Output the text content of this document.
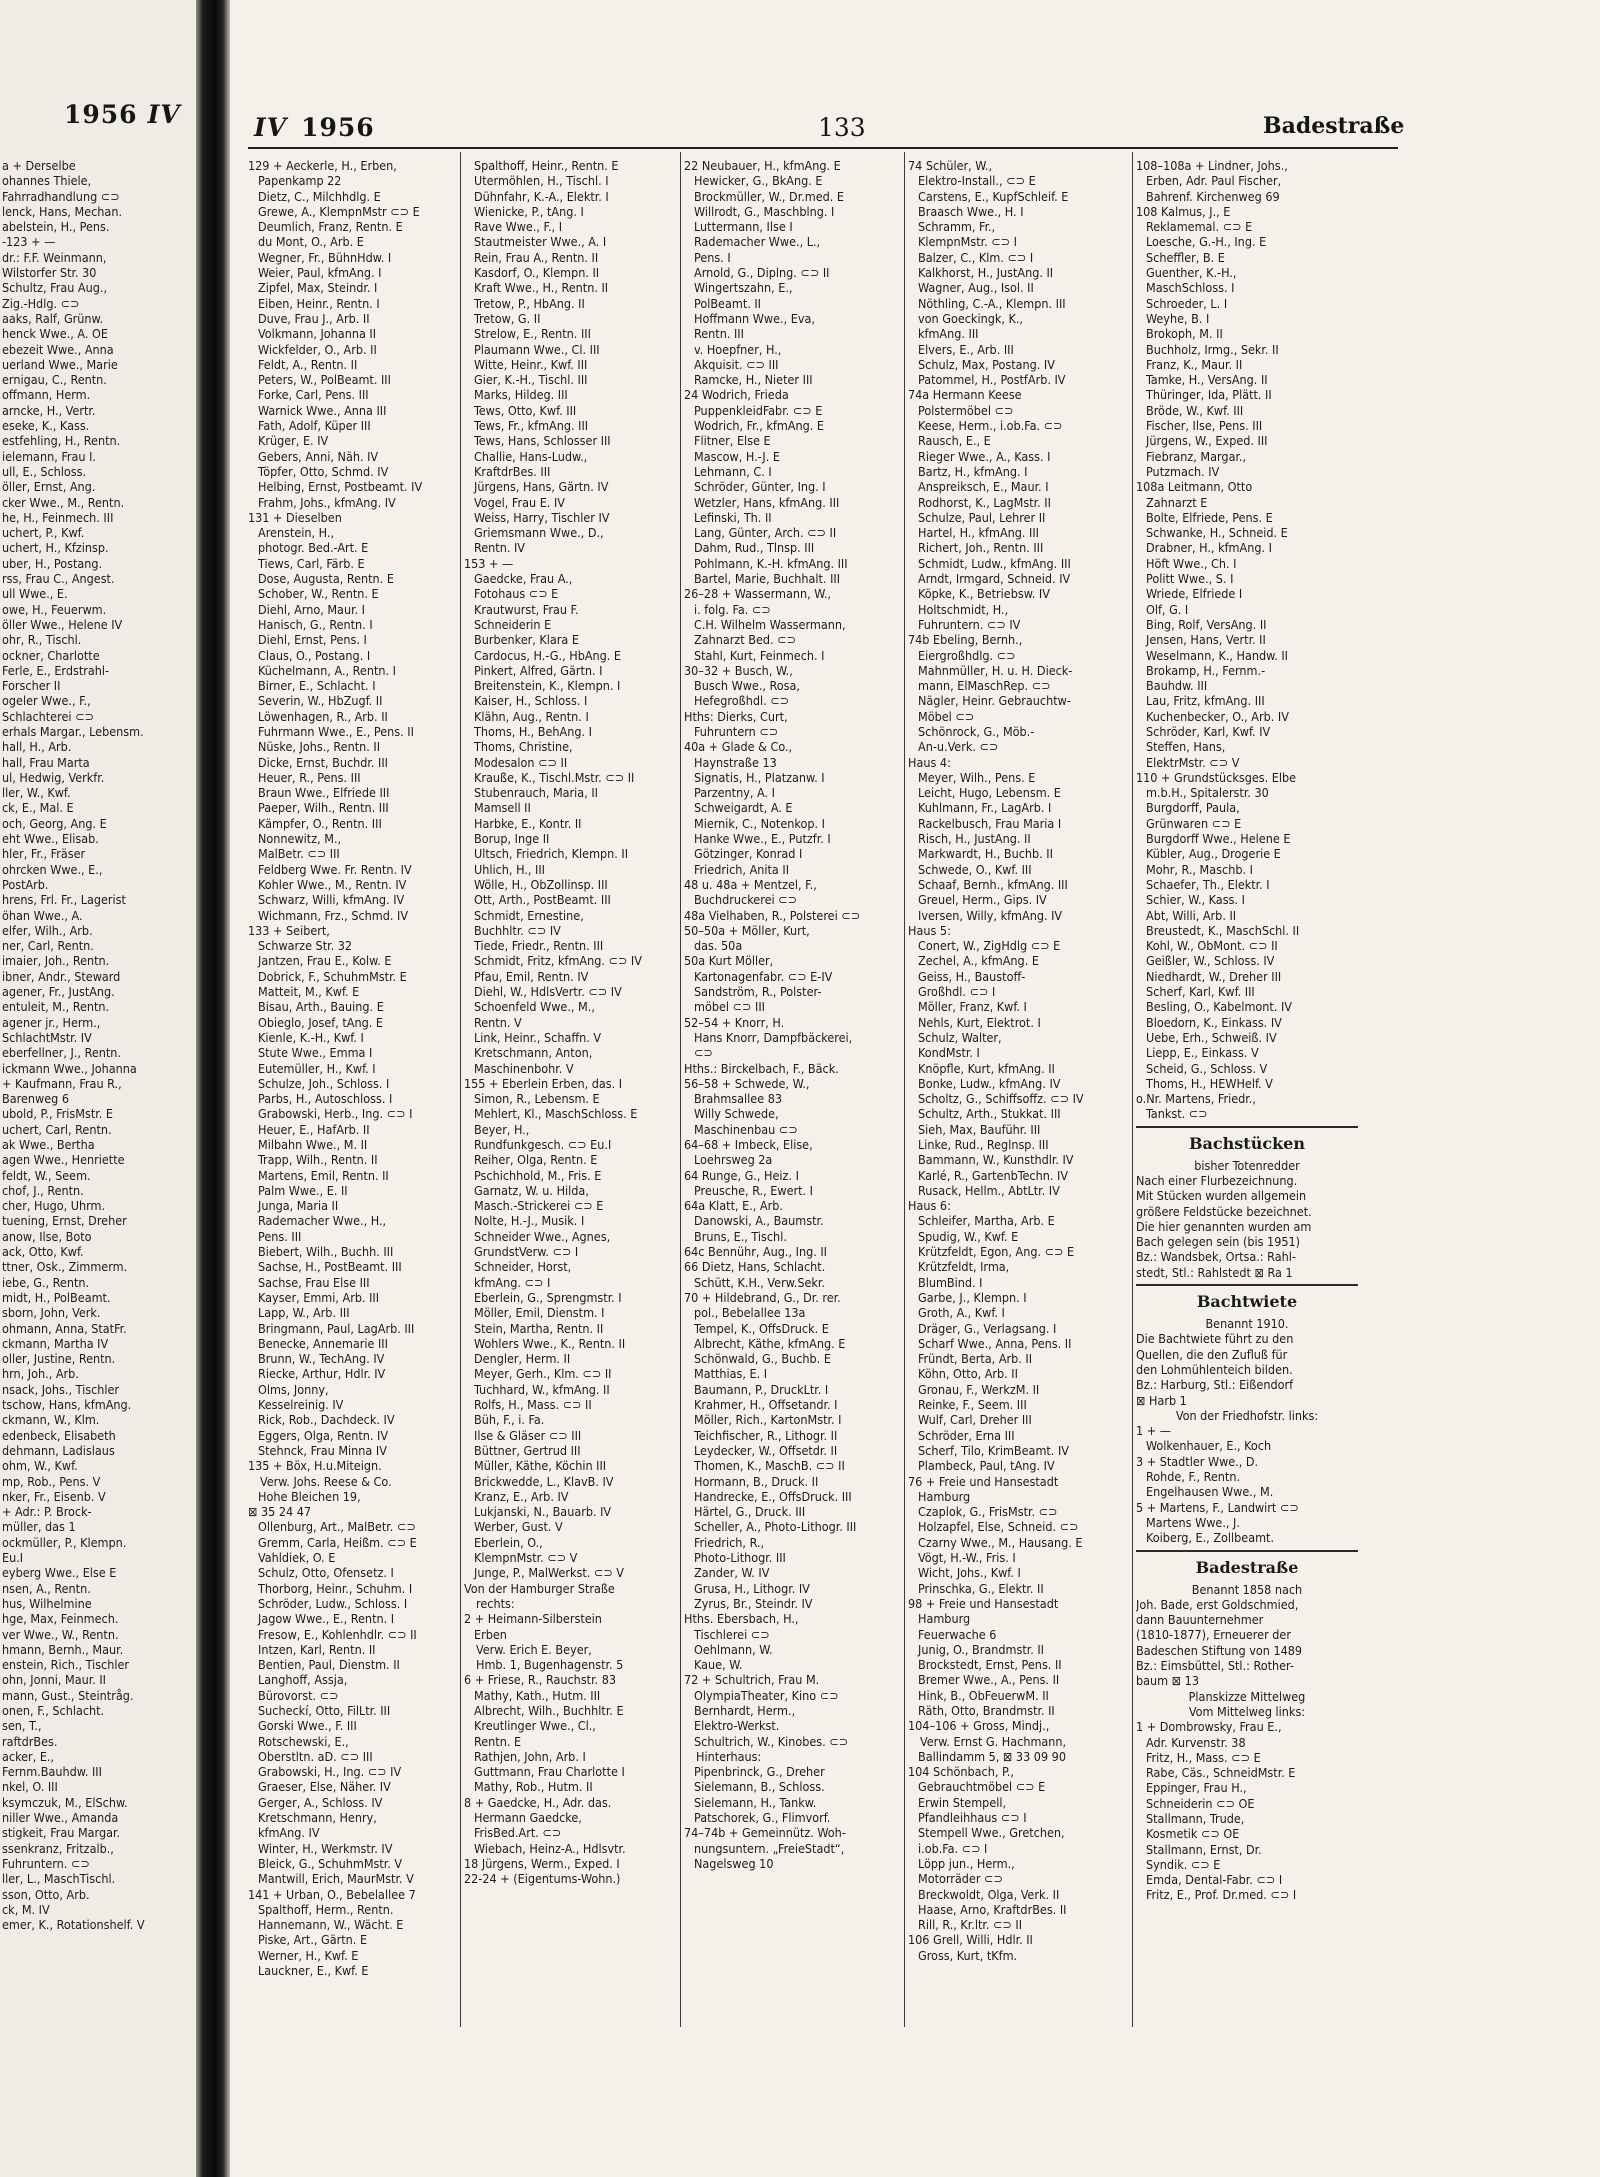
1956 IV

a + Derselbe

ohannes Thiele,

Fahrradhandlung ⊂⊃

lenck, Hans, Mechan.

abelstein, H., Pens.

-123 + —

dr.: F.F. Weinmann,

Wilstorfer Str. 30

Schultz, Frau Aug.,

Zig.-Hdlg. ⊂⊃

aaks, Ralf, Grünw.

henck Wwe., A. OE

ebezeit Wwe., Anna

uerland Wwe., Marie

ernigau, C., Rentn.

offmann, Herm.

arncke, H., Vertr.

eseke, K., Kass.

estfehling, H., Rentn.

ielemann, Frau I.

ull, E., Schloss.

öller, Ernst, Ang.

cker Wwe., M., Rentn.

he, H., Feinmech. III

uchert, P., Kwf.

uchert, H., Kfzinsp.

uber, H., Postang.

rss, Frau C., Angest.

ull Wwe., E.

owe, H., Feuerwm.

öller Wwe., Helene IV

ohr, R., Tischl.

ockner, Charlotte

Ferle, E., Erdstrahl-

Forscher II

ogeler Wwe., F.,

Schlachterei ⊂⊃

erhals Margar., Lebensm.

hall, H., Arb.

hall, Frau Marta

ul, Hedwig, Verkfr.

ller, W., Kwf.

ck, E., Mal. E

och, Georg, Ang. E

eht Wwe., Elisab.

hler, Fr., Fräser

ohrcken Wwe., E.,

PostArb.

hrens, Frl. Fr., Lagerist

öhan Wwe., A.

elfer, Wilh., Arb.

ner, Carl, Rentn.

imaier, Joh., Rentn.

ibner, Andr., Steward

agener, Fr., JustAng.

entuleit, M., Rentn.

agener jr., Herm.,

SchlachtMstr. IV

eberfellner, J., Rentn.

ickmann Wwe., Johanna

+ Kaufmann, Frau R.,

Barenweg 6

ubold, P., FrisMstr. E

uchert, Carl, Rentn.

ak Wwe., Bertha

agen Wwe., Henriette

feldt, W., Seem.

chof, J., Rentn.

cher, Hugo, Uhrm.

tuening, Ernst, Dreher

anow, Ilse, Boto

ack, Otto, Kwf.

ttner, Osk., Zimmerm.

iebe, G., Rentn.

midt, H., PolBeamt.

sborn, John, Verk.

ohmann, Anna, StatFr.

ckmann, Martha IV

oller, Justine, Rentn.

hrn, Joh., Arb.

nsack, Johs., Tischler

tschow, Hans, kfmAng.

ckmann, W., Klm.

edenbeck, Elisabeth

dehmann, Ladislaus

ohm, W., Kwf.

mp, Rob., Pens. V

nker, Fr., Eisenb. V

+ Adr.: P. Brock-

müller, das 1

ockmüller, P., Klempn.

Eu.I

eyberg Wwe., Else E

nsen, A., Rentn.

hus, Wilhelmine

hge, Max, Feinmech.

ver Wwe., W., Rentn.

hmann, Bernh., Maur.

enstein, Rich., Tischler

ohn, Jonni, Maur. II

mann, Gust., Steintråg.

onen, F., Schlacht.

sen, T.,

raftdrBes.

acker, E.,

Fernm.Bauhdw. III

nkel, O. III

ksymczuk, M., ElSchw.

niller Wwe., Amanda

stigkeit, Frau Margar.

ssenkranz, Fritzalb.,

Fuhruntern. ⊂⊃

ller, L., MaschTischl.

sson, Otto, Arb.

ck, M. IV

emer, K., Rotationshelf. V

IV 1956	133	Badestraße

129 + Aeckerle, H., Erben,

Papenkamp 22

Dietz, C., Milchhdlg. E

Grewe, A., KlempnMstr ⊂⊃ E

Deumlich, Franz, Rentn. E

du Mont, O., Arb. E

Wegner, Fr., BühnHdw. I

Weier, Paul, kfmAng. I

Zipfel, Max, Steindr. I

Eiben, Heinr., Rentn. I

Duve, Frau J., Arb. II

Volkmann, Johanna II

Wickfelder, O., Arb. II

Feldt, A., Rentn. II

Peters, W., PolBeamt. III

Forke, Carl, Pens. III

Warnick Wwe., Anna III

Fath, Adolf, Küper III

Krüger, E. IV

Gebers, Anni, Näh. IV

Töpfer, Otto, Schmd. IV

Helbing, Ernst, Postbeamt. IV

Frahm, Johs., kfmAng. IV

131 + Dieselben

Arenstein, H.,

photogr. Bed.-Art. E

Tiews, Carl, Färb. E

Dose, Augusta, Rentn. E

Schober, W., Rentn. E

Diehl, Arno, Maur. I

Hanisch, G., Rentn. I

Diehl, Ernst, Pens. I

Claus, O., Postang. I

Küchelmann, A., Rentn. I

Birner, E., Schlacht. I

Severin, W., HbZugf. II

Löwenhagen, R., Arb. II

Fuhrmann Wwe., E., Pens. II

Nüske, Johs., Rentn. II

Dicke, Ernst, Buchdr. III

Heuer, R., Pens. III

Braun Wwe., Elfriede III

Paeper, Wilh., Rentn. III

Kämpfer, O., Rentn. III

Nonnewitz, M.,

MalBetr. ⊂⊃ III

Feldberg Wwe. Fr. Rentn. IV

Kohler Wwe., M., Rentn. IV

Schwarz, Willi, kfmAng. IV

Wichmann, Frz., Schmd. IV

133 + Seibert,

Schwarze Str. 32

Jantzen, Frau E., Kolw. E

Dobrick, F., SchuhmMstr. E

Matteit, M., Kwf. E

Bisau, Arth., Bauing. E

Obieglo, Josef, tAng. E

Kienle, K.-H., Kwf. I

Stute Wwe., Emma I

Eutemüller, H., Kwf. I

Schulze, Joh., Schloss. I

Parbs, H., Autoschloss. I

Grabowski, Herb., Ing. ⊂⊃ I

Heuer, E., HafArb. II

Milbahn Wwe., M. II

Trapp, Wilh., Rentn. II

Martens, Emil, Rentn. II

Palm Wwe., E. II

Junga, Maria II

Rademacher Wwe., H.,

Pens. III

Biebert, Wilh., Buchh. III

Sachse, H., PostBeamt. III

Sachse, Frau Else III

Kayser, Emmi, Arb. III

Lapp, W., Arb. III

Bringmann, Paul, LagArb. III

Benecke, Annemarie III

Brunn, W., TechAng. IV

Riecke, Arthur, Hdlr. IV

Olms, Jonny,

Kesselreinig. IV

Rick, Rob., Dachdeck. IV

Eggers, Olga, Rentn. IV

Stehnck, Frau Minna IV

135 + Böx, H.u.Miteign.

Verw. Johs. Reese & Co.

Hohe Bleichen 19,

⊠ 35 24 47

Ollenburg, Art., MalBetr. ⊂⊃

Gremm, Carla, Heißm. ⊂⊃ E

Vahldiek, O. E

Schulz, Otto, Ofensetz. I

Thorborg, Heinr., Schuhm. I

Schröder, Ludw., Schloss. I

Jagow Wwe., E., Rentn. I

Fresow, E., Kohlenhdlr. ⊂⊃ II

Intzen, Karl, Rentn. II

Bentien, Paul, Dienstm. II

Langhoff, Assja,

Bürovorst. ⊂⊃

Sucheckí, Otto, FilLtr. III

Gorski Wwe., F. III

Rotschewski, E.,

Oberstltn. aD. ⊂⊃ III

Grabowski, H., Ing. ⊂⊃ IV

Graeser, Else, Näher. IV

Gerger, A., Schloss. IV

Kretschmann, Henry,

kfmAng. IV

Winter, H., Werkmstr. IV

Bleick, G., SchuhmMstr. V

Mantwill, Erich, MaurMstr. V

141 + Urban, O., Bebelallee 7

Spalthoff, Herm., Rentn.

Hannemann, W., Wächt. E

Piske, Art., Gärtn. E

Werner, H., Kwf. E

Lauckner, E., Kwf. E

Spalthoff, Heinr., Rentn. E

Utermöhlen, H., Tischl. I

Dühnfahr, K.-A., Elektr. I

Wienicke, P., tAng. I

Rave Wwe., F., I

Stautmeister Wwe., A. I

Rein, Frau A., Rentn. II

Kasdorf, O., Klempn. II

Kraft Wwe., H., Rentn. II

Tretow, P., HbAng. II

Tretow, G. II

Strelow, E., Rentn. III

Plaumann Wwe., Cl. III

Witte, Heinr., Kwf. III

Gier, K.-H., Tischl. III

Marks, Hildeg. III

Tews, Otto, Kwf. III

Tews, Fr., kfmAng. III

Tews, Hans, Schlosser III

Challie, Hans-Ludw.,

KraftdrBes. III

Jürgens, Hans, Gärtn. IV

Vogel, Frau E. IV

Weiss, Harry, Tischler IV

Griemsmann Wwe., D.,

Rentn. IV

153 + —

Gaedcke, Frau A.,

Fotohaus ⊂⊃ E

Krautwurst, Frau F.

Schneiderin E

Burbenker, Klara E

Cardocus, H.-G., HbAng. E

Pinkert, Alfred, Gärtn. I

Breitenstein, K., Klempn. I

Kaiser, H., Schloss. I

Klähn, Aug., Rentn. I

Thoms, H., BehAng. I

Thoms, Christine,

Modesalon ⊂⊃ II

Krauße, K., Tischl.Mstr. ⊂⊃ II

Stubenrauch, Maria, II

Mamsell II

Harbke, E., Kontr. II

Borup, Inge II

Ultsch, Friedrich, Klempn. II

Uhlich, H., III

Wölle, H., ObZollinsp. III

Ott, Arth., PostBeamt. III

Schmidt, Ernestine,

Buchhltr. ⊂⊃ IV

Tiede, Friedr., Rentn. III

Schmidt, Fritz, kfmAng. ⊂⊃ IV

Pfau, Emil, Rentn. IV

Diehl, W., HdlsVertr. ⊂⊃ IV

Schoenfeld Wwe., M.,

Rentn. V

Link, Heinr., Schaffn. V

Kretschmann, Anton,

Maschinenbohr. V

155 + Eberlein Erben, das. I

Simon, R., Lebensm. E

Mehlert, Kl., MaschSchloss. E

Beyer, H.,

Rundfunkgesch. ⊂⊃ Eu.I

Reiher, Olga, Rentn. E

Pschichhold, M., Fris. E

Garnatz, W. u. Hilda,

Masch.-Strickerei ⊂⊃ E

Nolte, H.-J., Musik. I

Schneider Wwe., Agnes,

GrundstVerw. ⊂⊃ I

Schneider, Horst,

kfmAng. ⊂⊃ I

Eberlein, G., Sprengmstr. I

Möller, Emil, Dienstm. I

Stein, Martha, Rentn. II

Wohlers Wwe., K., Rentn. II

Dengler, Herm. II

Meyer, Gerh., Klm. ⊂⊃ II

Tuchhard, W., kfmAng. II

Rolfs, H., Mass. ⊂⊃ II

Büh, F., i. Fa.

Ilse & Gläser ⊂⊃ III

Büttner, Gertrud III

Müller, Käthe, Köchin III

Brickwedde, L., KlavB. IV

Kranz, E., Arb. IV

Lukjanski, N., Bauarb. IV

Werber, Gust. V

Eberlein, O.,

KlempnMstr. ⊂⊃ V

Junge, P., MalWerkst. ⊂⊃ V

Von der Hamburger Straße

rechts:

2 + Heimann-Silberstein

Erben

Verw. Erich E. Beyer,

Hmb. 1, Bugenhagenstr. 5

6 + Friese, R., Rauchstr. 83

Mathy, Kath., Hutm. III

Albrecht, Wilh., Buchhltr. E

Kreutlinger Wwe., Cl.,

Rentn. E

Rathjen, John, Arb. I

Guttmann, Frau Charlotte I

Mathy, Rob., Hutm. II

8 + Gaedcke, H., Adr. das.

Hermann Gaedcke,

FrisBed.Art. ⊂⊃

Wiebach, Heinz-A., Hdlsvtr.

18 Jürgens, Werm., Exped. I

22-24 + (Eigentums-Wohn.)

22 Neubauer, H., kfmAng. E

Hewicker, G., BkAng. E

Brockmüller, W., Dr.med. E

Willrodt, G., Maschblng. I

Luttermann, Ilse I

Rademacher Wwe., L.,

Pens. I

Arnold, G., Diplng. ⊂⊃ II

Wingertszahn, E.,

PolBeamt. II

Hoffmann Wwe., Eva,

Rentn. III

v. Hoepfner, H.,

Akquisit. ⊂⊃ III

Ramcke, H., Nieter III

24 Wodrich, Frieda

PuppenkleidFabr. ⊂⊃ E

Wodrich, Fr., kfmAng. E

Flitner, Else E

Mascow, H.-J. E

Lehmann, C. I

Schröder, Günter, Ing. I

Wetzler, Hans, kfmAng. III

Lefinski, Th. II

Lang, Günter, Arch. ⊂⊃ II

Dahm, Rud., Tlnsp. III

Pohlmann, K.-H. kfmAng. III

Bartel, Marie, Buchhalt. III

26–28 + Wassermann, W.,

i. folg. Fa. ⊂⊃

C.H. Wilhelm Wassermann,

Zahnarzt Bed. ⊂⊃

Stahl, Kurt, Feinmech. I

30–32 + Busch, W.,

Busch Wwe., Rosa,

Hefegroßhdl. ⊂⊃

Hths: Dierks, Curt,

Fuhruntern ⊂⊃

40a + Glade & Co.,

Haynstraße 13

Signatis, H., Platzanw. I

Parzentny, A. I

Schweigardt, A. E

Miernik, C., Notenkop. I

Hanke Wwe., E., Putzfr. I

Götzinger, Konrad I

Friedrich, Anita II

48 u. 48a + Mentzel, F.,

Buchdruckerei ⊂⊃

48a Vielhaben, R., Polsterei ⊂⊃

50–50a + Möller, Kurt,

das. 50a

50a Kurt Möller,

Kartonagenfabr. ⊂⊃ E-IV

Sandström, R., Polster-

möbel ⊂⊃ III

52–54 + Knorr, H.

Hans Knorr, Dampfbäckerei,

⊂⊃

Hths.: Birckelbach, F., Bäck.

56–58 + Schwede, W.,

Brahmsallee 83

Willy Schwede,

Maschinenbau ⊂⊃

64–68 + Imbeck, Elise,

Loehrsweg 2a

64 Runge, G., Heiz. I

Preusche, R., Ewert. I

64a Klatt, E., Arb.

Danowski, A., Baumstr.

Bruns, E., Tischl.

64c Bennühr, Aug., Ing. II

66 Dietz, Hans, Schlacht.

Schütt, K.H., Verw.Sekr.

70 + Hildebrand, G., Dr. rer.

pol., Bebelallee 13a

Tempel, K., OffsDruck. E

Albrecht, Käthe, kfmAng. E

Schönwald, G., Buchb. E

Matthias, E. I

Baumann, P., DruckLtr. I

Krahmer, H., Offsetandr. I

Möller, Rich., KartonMstr. I

Teichfischer, R., Lithogr. II

Leydecker, W., Offsetdr. II

Thomen, K., MaschB. ⊂⊃ II

Hormann, B., Druck. II

Handrecke, E., OffsDruck. III

Härtel, G., Druck. III

Scheller, A., Photo-Lithogr. III

Friedrich, R.,

Photo-Lithogr. III

Zander, W. IV

Grusa, H., Lithogr. IV

Zyrus, Br., Steindr. IV

Hths. Ebersbach, H.,

Tischlerei ⊂⊃

Oehlmann, W.

Kaue, W.

72 + Schultrich, Frau M.

OlympiaTheater, Kino ⊂⊃

Bernhardt, Herm.,

Elektro-Werkst.

Schultrich, W., Kinobes. ⊂⊃

Hinterhaus:

Pipenbrinck, G., Dreher

Sielemann, B., Schloss.

Sielemann, H., Tankw.

Patschorek, G., Flimvorf.

74–74b + Gemeinnütz. Woh-

nungsuntern. „FreieStadt“,

Nagelsweg 10

74 Schüler, W.,

Elektro-Install., ⊂⊃ E

Carstens, E., KupfSchleif. E

Braasch Wwe., H. I

Schramm, Fr.,

KlempnMstr. ⊂⊃ I

Balzer, C., Klm. ⊂⊃ I

Kalkhorst, H., JustAng. II

Wagner, Aug., Isol. II

Nöthling, C.-A., Klempn. III

von Goeckingk, K.,

kfmAng. III

Elvers, E., Arb. III

Schulz, Max, Postang. IV

Patommel, H., PostfArb. IV

74a Hermann Keese

Polstermöbel ⊂⊃

Keese, Herm., i.ob.Fa. ⊂⊃

Rausch, E., E

Rieger Wwe., A., Kass. I

Bartz, H., kfmAng. I

Anspreiksch, E., Maur. I

Rodhorst, K., LagMstr. II

Schulze, Paul, Lehrer II

Hartel, H., kfmAng. III

Richert, Joh., Rentn. III

Schmidt, Ludw., kfmAng. III

Arndt, Irmgard, Schneid. IV

Köpke, K., Betriebsw. IV

Holtschmidt, H.,

Fuhruntern. ⊂⊃ IV

74b Ebeling, Bernh.,

Eiergroßhdlg. ⊂⊃

Mahnmüller, H. u. H. Dieck-

mann, ElMaschRep. ⊂⊃

Nägler, Heinr. Gebrauchtw-

Möbel ⊂⊃

Schönrock, G., Möb.-

An-u.Verk. ⊂⊃

Haus 4:

Meyer, Wilh., Pens. E

Leicht, Hugo, Lebensm. E

Kuhlmann, Fr., LagArb. I

Rackelbusch, Frau Maria I

Risch, H., JustAng. II

Markwardt, H., Buchb. II

Schwede, O., Kwf. III

Schaaf, Bernh., kfmAng. III

Greuel, Herm., Gips. IV

Iversen, Willy, kfmAng. IV

Haus 5:

Conert, W., ZigHdlg ⊂⊃ E

Zechel, A., kfmAng. E

Geiss, H., Baustoff-

Großhdl. ⊂⊃ I

Möller, Franz, Kwf. I

Nehls, Kurt, Elektrot. I

Schulz, Walter,

KondMstr. I

Knöpfle, Kurt, kfmAng. II

Bonke, Ludw., kfmAng. IV

Scholtz, G., Schiffsoffz. ⊂⊃ IV

Schultz, Arth., Stukkat. III

Sieh, Max, Bauführ. III

Linke, Rud., Reglnsp. III

Bammann, W., Kunsthdlr. IV

Karlé, R., GartenbTechn. IV

Rusack, Hellm., AbtLtr. IV

Haus 6:

Schleifer, Martha, Arb. E

Spudig, W., Kwf. E

Krützfeldt, Egon, Ang. ⊂⊃ E

Krützfeldt, Irma,

BlumBind. I

Garbe, J., Klempn. I

Groth, A., Kwf. I

Dräger, G., Verlagsang. I

Scharf Wwe., Anna, Pens. II

Fründt, Berta, Arb. II

Köhn, Otto, Arb. II

Gronau, F., WerkzM. II

Reinke, F., Seem. III

Wulf, Carl, Dreher III

Schröder, Erna III

Scherf, Tilo, KrimBeamt. IV

Plambeck, Paul, tAng. IV

76 + Freie und Hansestadt

Hamburg

Czaplok, G., FrisMstr. ⊂⊃

Holzapfel, Else, Schneid. ⊂⊃

Czarny Wwe., M., Hausang. E

Vögt, H.-W., Fris. I

Wicht, Johs., Kwf. I

Prinschka, G., Elektr. II

98 + Freie und Hansestadt

Hamburg

Feuerwache 6

Junig, O., Brandmstr. II

Brockstedt, Ernst, Pens. II

Bremer Wwe., A., Pens. II

Hink, B., ObFeuerwM. II

Räth, Otto, Brandmstr. II

104–106 + Gross, Mindj.,

Verw. Ernst G. Hachmann,

Ballindamm 5, ⊠ 33 09 90

104 Schönbach, P.,

Gebrauchtmöbel ⊂⊃ E

Erwin Stempell,

Pfandleihhaus ⊂⊃ I

Stempell Wwe., Gretchen,

i.ob.Fa. ⊂⊃ I

Löpp jun., Herm.,

Motorräder ⊂⊃

Breckwoldt, Olga, Verk. II

Haase, Arno, KraftdrBes. II

Rill, R., Kr.ltr. ⊂⊃ II

106 Grell, Willi, Hdlr. II

Gross, Kurt, tKfm.

108–108a + Lindner, Johs.,

Erben, Adr. Paul Fischer,

Bahrenf. Kirchenweg 69

108 Kalmus, J., E

Reklamemal. ⊂⊃ E

Loesche, G.-H., Ing. E

Scheffler, B. E

Guenther, K.-H.,

MaschSchloss. I

Schroeder, L. I

Weyhe, B. I

Brokoph, M. II

Buchholz, Irmg., Sekr. II

Franz, K., Maur. II

Tamke, H., VersAng. II

Thüringer, Ida, Plätt. II

Bröde, W., Kwf. III

Fischer, Ilse, Pens. III

Jürgens, W., Exped. III

Fiebranz, Margar.,

Putzmach. IV

108a Leitmann, Otto

Zahnarzt E

Bolte, Elfriede, Pens. E

Schwanke, H., Schneid. E

Drabner, H., kfmAng. I

Höft Wwe., Ch. I

Politt Wwe., S. I

Wriede, Elfriede I

Olf, G. I

Bing, Rolf, VersAng. II

Jensen, Hans, Vertr. II

Weselmann, K., Handw. II

Brokamp, H., Fernm.-

Bauhdw. III

Lau, Fritz, kfmAng. III

Kuchenbecker, O., Arb. IV

Schröder, Karl, Kwf. IV

Steffen, Hans,

ElektrMstr. ⊂⊃ V

110 + Grundstücksges. Elbe

m.b.H., Spitalerstr. 30

Burgdorff, Paula,

Grünwaren ⊂⊃ E

Burgdorff Wwe., Helene E

Kübler, Aug., Drogerie E

Mohr, R., Maschb. I

Schaefer, Th., Elektr. I

Schier, W., Kass. I

Abt, Willi, Arb. II

Breustedt, K., MaschSchl. II

Kohl, W., ObMont. ⊂⊃ II

Geißler, W., Schloss. IV

Niedhardt, W., Dreher III

Scherf, Karl, Kwf. III

Besling, O., Kabelmont. IV

Bloedorn, K., Einkass. IV

Uebe, Erh., Schweiß. IV

Liepp, E., Einkass. V

Scheid, G., Schloss. V

Thoms, H., HEWHelf. V

o.Nr. Martens, Friedr.,

Tankst. ⊂⊃

Bachstücken

bisher Totenredder

Nach einer Flurbezeichnung.

Mit Stücken wurden allgemein

größere Feldstücke bezeichnet.

Die hier genannten wurden am

Bach gelegen sein (bis 1951)

Bz.: Wandsbek, Ortsa.: Rahl-

stedt, Stl.: Rahlstedt ⊠ Ra 1

Bachtwiete

Benannt 1910.

Die Bachtwiete führt zu den

Quellen, die den Zufluß für

den Lohmühlenteich bilden.

Bz.: Harburg, Stl.: Eißendorf

⊠ Harb 1

Von der Friedhofstr. links:

1 + —

Wolkenhauer, E., Koch

3 + Stadtler Wwe., D.

Rohde, F., Rentn.

Engelhausen Wwe., M.

5 + Martens, F., Landwirt ⊂⊃

Martens Wwe., J.

Koiberg, E., Zollbeamt.

Badestraße

Benannt 1858 nach

Joh. Bade, erst Goldschmied,

dann Bauunternehmer

(1810-1877), Erneuerer der

Badeschen Stiftung von 1489

Bz.: Eimsbüttel, Stl.: Rother-

baum ⊠ 13

Planskizze Mittelweg

Vom Mittelweg links:

1 + Dombrowsky, Frau E.,

Adr. Kurvenstr. 38

Fritz, H., Mass. ⊂⊃ E

Rabe, Cäs., SchneidMstr. E

Eppinger, Frau H.,

Schneiderin ⊂⊃ OE

Stallmann, Trude,

Kosmetik ⊂⊃ OE

Stallmann, Ernst, Dr.

Syndik. ⊂⊃ E

Emda, Dental-Fabr. ⊂⊃ I

Fritz, E., Prof. Dr.med. ⊂⊃ I
